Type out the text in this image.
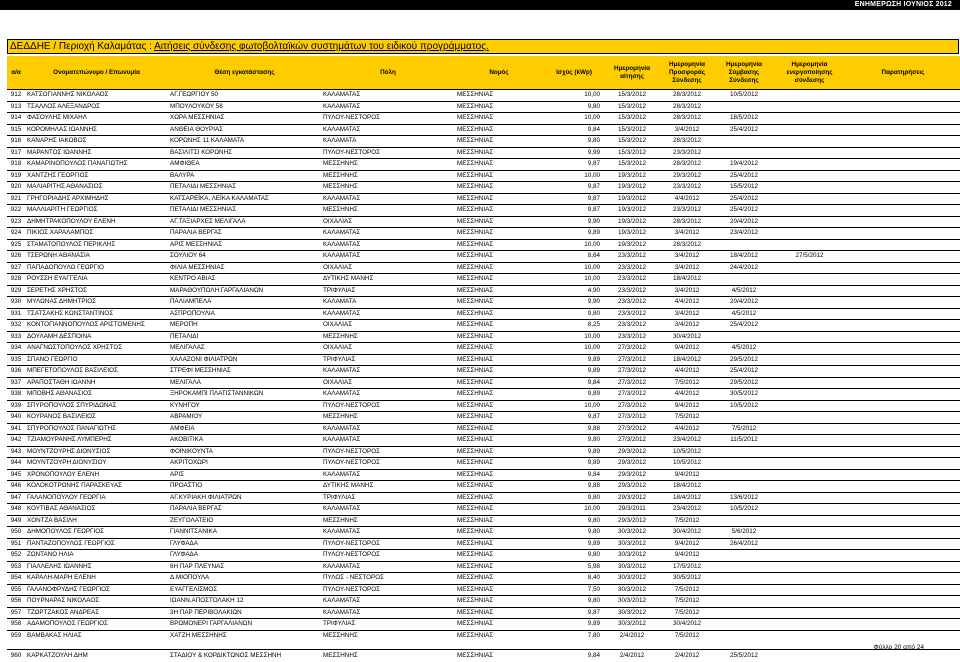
ΕΝΗΜΕΡΩΣΗ ΙΟΥΝΙΟΣ 2012
ΔΕΔΔΗΕ / Περιοχή Καλαμάτας : Αιτήσεις σύνδεσης φωτοβολταϊκών συστημάτων του ειδικού προγράμματος.
α/α	Ονοματεπώνυμο / Επωνυμία	Θέση εγκατάστασης	Πόλη	Νομός	Ισχύς (kWp)	Ημερομηνία αίτησης	Ημερομηνία Προσφοράς Σύνδεσης	Ημερομηνία Σύμβασης Σύνδεσης	Ημερομηνία ενεργοποίησης σύνδεσης	Παρατηρήσεις
912	ΚΑΤΣΟΓΙΑΝΝΗΣ ΝΙΚΟΛΑΟΣ	ΑΓ.ΓΕΩΡΓΙΟΥ 50	ΚΑΛΑΜΑΤΑΣ	ΜΕΣΣΗΝΙΑΣ	10,00	15/3/2012	28/3/2012	10/5/2012		
913	ΤΣΑΛΛΟΣ ΑΛΕΞΑΝΔΡΟΣ	ΜΠΟΥΛΟΥΚΟΥ 58	ΚΑΛΑΜΑΤΑΣ	ΜΕΣΣΗΝΙΑΣ	9,80	15/3/2012	28/3/2012			
914	ΦΑΣΟΥΛΗΣ ΜΙΧΑΗΛ	ΧΩΡΑ ΜΕΣΣΗΝΙΑΣ	ΠΥΛΟΥ-ΝΕΣΤΟΡΟΣ	ΜΕΣΣΗΝΙΑΣ	10,00	15/3/2012	28/3/2012	18/5/2012		
915	ΚΟΡΟΜΗΛΑΣ ΙΩΑΝΝΗΣ	ΑΝΘΕΙΑ ΘΟΥΡΙΑΣ	ΚΑΛΑΜΑΤΑΣ	ΜΕΣΣΗΝΙΑΣ	9,84	15/3/2012	3/4/2012	25/4/2012		
916	ΚΑΝΑΡΗΣ ΙΑΚΩΒΟΣ	ΚΟΡΩΝΗΣ 11 ΚΑΛΑΜΑΤΑ	ΚΑΛΑΜΑΤΑ	ΜΕΣΣΗΝΙΑΣ	9,80	15/3/2012	28/3/2012			
917	ΜΑΡΑΝΤΟΣ ΙΩΑΝΝΗΣ	ΒΑΣΙΛΙΤΣΙ ΚΟΡΩΝΗΣ	ΠΥΛΟΥ-ΝΕΣΤΟΡΟΣ	ΜΕΣΣΗΝΙΑΣ	9,99	15/3/2012	23/3/2012			
918	ΚΑΜΑΡΙΝΟΠΟΥΛΟΣ ΠΑΝΑΓΙΩΤΗΣ	ΑΜΦΙΘΕΑ	ΜΕΣΣΗΝΗΣ	ΜΕΣΣΗΝΙΑΣ	9,87	15/3/2012	28/3/2012	19/4/2012		
919	ΧΑΝΤΖΗΣ ΓΕΩΡΓΙΟΣ	ΒΑΛΥΡΑ	ΜΕΣΣΗΝΗΣ	ΜΕΣΣΗΝΙΑΣ	10,00	19/3/2012	29/3/2012	25/4/2012		
920	ΜΑΛΙΑΡΙΤΗΣ ΑΘΑΝΑΣΙΟΣ	ΠΕΤΑΛΙΔΙ ΜΕΣΣΗΝΙΑΣ	ΜΕΣΣΗΝΗΣ	ΜΕΣΣΗΝΙΑΣ	9,87	19/3/2012	23/3/2012	15/5/2012		
921	ΓΡΗΓΟΡΙΑΔΗΣ ΑΡΧΙΜΗΔΗΣ	ΚΑΤΣΑΡΕΪΚΑ, ΛΕΪΚΑ ΚΑΛΑΜΑΤΑΣ	ΚΑΛΑΜΑΤΑΣ	ΜΕΣΣΗΝΙΑΣ	9,87	19/3/2012	4/4/2012	25/4/2012		
922	ΜΑΛΛΙΑΡΙΤΗ ΓΕΩΡΓΙΟΣ	ΠΕΤΑΛΙΔΙ ΜΕΣΣΗΝΙΑΣ	ΜΕΣΣΗΝΗΣ	ΜΕΣΣΗΝΙΑΣ	9,87	19/3/2012	23/3/2012	25/4/2012		
923	ΔΗΜΗΤΡΑΚΟΠΟΥΛΟΥ ΕΛΕΝΗ	ΑΓ.ΤΑΞΙΑΡΧΕΣ ΜΕΛΙΓΑΛΑ	ΟΙΧΑΛΙΑΣ	ΜΕΣΣΗΝΙΑΣ	9,90	19/3/2012	28/3/2012	20/4/2012		
924	ΠΙΚΙΟΣ ΧΑΡΑΛΑΜΠΟΣ	ΠΑΡΑΛΙΑ ΒΕΡΓΑΣ	ΚΑΛΑΜΑΤΑΣ	ΜΕΣΣΗΝΙΑΣ	9,89	19/3/2012	3/4/2012	23/4/2012		
925	ΣΤΑΜΑΤΟΠΟΥΛΟΣ ΠΕΡΙΚΛΗΣ	ΑΡΙΣ ΜΕΣΣΗΝΙΑΣ	ΚΑΛΑΜΑΤΑΣ	ΜΕΣΣΗΝΙΑΣ	10,00	19/3/2012	28/3/2012			
926	ΤΣΕΡΩΝΗ ΑΘΑΝΑΣΙΑ	ΣΟΥΛΙΟΥ 64	ΚΑΛΑΜΑΤΑΣ	ΜΕΣΣΗΝΙΑΣ	8,64	23/3/2012	3/4/2012	18/4/2012	27/5/2012	
927	ΠΑΠΑΔΟΠΟΥΛΟ ΓΕΩΡΓΙΟ	ΦΙΛΙΑ ΜΕΣΣΗΝΙΑΣ	ΟΙΧΑΛΙΑΣ	ΜΕΣΣΗΝΙΑΣ	10,00	23/3/2012	3/4/2012	24/4/2012		
928	ΡΟΥΣΣΗ ΕΥΑΓΓΕΛΙΑ	ΚΕΝΤΡΟ ΑΒΙΑΣ	ΔΥΤΙΚΗΣ ΜΑΝΗΣ	ΜΕΣΣΗΝΙΑΣ	10,00	23/3/2012	18/4/2012			
929	ΣΕΡΕΤΗΣ ΧΡΗΣΤΟΣ	ΜΑΡΑΘΟΥΠΟΛΗ ΓΑΡΓΑΛΙΑΝΩΝ	ΤΡΙΦΥΛΙΑΣ	ΜΕΣΣΗΝΙΑΣ	4,90	23/3/2012	3/4/2012	4/5/2012		
930	ΜΥΛΩΝΑΣ ΔΗΜΗΤΡΙΟΣ	ΠΑΛΙΑΜΠΕΛΑ	ΚΑΛΑΜΑΤΑ	ΜΕΣΣΗΝΙΑΣ	9,90	23/3/2012	4/4/2012	20/4/2012		
931	ΤΣΑΤΣΑΚΗΣ ΚΩΝΣΤΑΝΤΙΝΟΣ	ΑΣΠΡΟΠΟΥΛΙΑ	ΚΑΛΑΜΑΤΑΣ	ΜΕΣΣΗΝΙΑΣ	9,80	23/3/2012	3/4/2012	4/5/2012		
932	ΚΟΝΤΟΓΙΑΝΝΟΠΟΥΛΟΣ ΑΡΙΣΤΟΜΕΝΗΣ	ΜΕΡΟΠΗ	ΟΙΧΑΛΙΑΣ	ΜΕΣΣΗΝΙΑΣ	8,25	23/3/2012	3/4/2012	25/4/2012		
933	ΔΟΥΛΑΜΗ ΔΕΣΠΟΙΝΑ	ΠΕΤΑΛΙΔΙ	ΜΕΣΣΗΝΗΣ	ΜΕΣΣΗΝΙΑΣ	10,00	23/3/2012	30/4/2012			
934	ΑΝΑΓΝΩΣΤΟΠΟΥΛΟΣ ΧΡΗΣΤΟΣ	ΜΕΛΙΓΑΛΑΣ	ΟΙΧΑΛΙΑΣ	ΜΕΣΣΗΝΙΑΣ	10,00	27/3/2012	9/4/2012	4/5/2012		
935	ΣΠΑΝΟ ΓΕΩΡΓΙΟ	ΧΑΛΑΖΟΝΙ ΦΙΛΙΑΤΡΩΝ	ΤΡΙΦΥΛΙΑΣ	ΜΕΣΣΗΝΙΑΣ	9,89	27/3/2012	18/4/2012	29/5/2012		
936	ΜΠΕΓΕΤΟΠΟΥΛΟΣ ΒΑΣΙΛΕΙΟΣ	ΣΤΡΕΦΙ ΜΕΣΣΗΝΙΑΣ	ΚΑΛΑΜΑΤΑΣ	ΜΕΣΣΗΝΙΑΣ	9,89	27/3/2012	4/4/2012	25/4/2012		
937	ΑΡΑΠΟΣΤΑΘΗ ΙΩΑΝΝΗ	ΜΕΛΙΓΑΛΑ	ΟΙΧΑΛΙΑΣ	ΜΕΣΣΗΝΙΑΣ	9,84	27/3/2012	7/5/2012	29/5/2012		
938	ΜΠΟΒΗΣ ΑΘΑΝΑΣΙΟΣ	ΞΗΡΟΚΑΜΠΙ ΠΛΑΤΙΣΤΑΝΝΙΚΩΝ	ΚΑΛΑΜΑΤΑΣ	ΜΕΣΣΗΝΙΑΣ	9,89	27/3/2012	4/4/2012	30/5/2012		
939	ΣΠΥΡΟΠΟΥΛΟΣ ΣΠΥΡΙΔΩΝΑΣ	ΚΥΝΗΓΟΥ	ΠΥΛΟΥ-ΝΕΣΤΟΡΟΣ	ΜΕΣΣΗΝΙΑΣ	10,00	27/3/2012	9/4/2012	10/5/2012		
940	ΚΟΥΡΑΝΟΣ ΒΑΣΙΛΕΙΟΣ	ΑΒΡΑΜΙΟΥ	ΜΕΣΣΗΝΗΣ	ΜΕΣΣΗΝΙΑΣ	9,87	27/3/2012	7/5/2012			
941	ΣΠΥΡΟΠΟΥΛΟΣ ΠΑΝΑΓΙΩΤΗΣ	ΑΜΦΕΙΑ	ΚΑΛΑΜΑΤΑΣ	ΜΕΣΣΗΝΙΑΣ	9,88	27/3/2012	4/4/2012	7/5/2012		
942	ΤΖΙΑΜΟΥΡΑΝΗΣ ΛΥΜΠΕΡΗΣ	ΑΚΟΒΙΤΙΚΑ	ΚΑΛΑΜΑΤΑΣ	ΜΕΣΣΗΝΙΑΣ	9,80	27/3/2012	23/4/2012	11/5/2012		
943	ΜΟΥΝΤΖΟΥΡΗΣ ΔΙΟΝΥΣΙΟΣ	ΦΟΙΝΙΚΟΥΝΤΑ	ΠΥΛΟΥ-ΝΕΣΤΟΡΟΣ	ΜΕΣΣΗΝΙΑΣ	9,89	29/3/2012	10/5/2012			
944	ΜΟΥΝΤΖΟΥΡΗ ΔΙΟΝΥΣΙΟΥ	ΑΚΡΙΤΟΧΩΡΙ	ΠΥΛΟΥ-ΝΕΣΤΟΡΟΣ	ΜΕΣΣΗΝΙΑΣ	9,89	29/3/2012	10/5/2012			
945	ΧΡΟΝΟΠΟΥΛΟΥ ΕΛΕΝΗ	ΑΡΙΣ	ΚΑΛΑΜΑΤΑΣ	ΜΕΣΣΗΝΙΑΣ	9,84	29/3/2012	9/4/2012			
946	ΚΟΛΟΚΟΤΡΩΝΗΣ ΠΑΡΑΣΚΕΥΑΣ	ΠΡΟΑΣΤΙΟ	ΔΥΤΙΚΗΣ ΜΑΝΗΣ	ΜΕΣΣΗΝΙΑΣ	9,88	29/3/2012	18/4/2012			
947	ΓΑΛΑΝΟΠΟΥΛΟΥ ΓΕΩΡΓΙΑ	ΑΓ.ΚΥΡΙΑΚΗ ΦΙΛΙΑΤΡΩΝ	ΤΡΙΦΥΛΙΑΣ	ΜΕΣΣΗΝΙΑΣ	9,80	29/3/2012	18/4/2012	13/6/2012		
948	ΚΟΥΤΙΒΑΣ ΑΘΑΝΑΣΙΟΣ	ΠΑΡΑΛΙΑ ΒΕΡΓΑΣ	ΚΑΛΑΜΑΤΑΣ	ΜΕΣΣΗΝΙΑΣ	10,00	29/3/2011	23/4/2012	10/5/2012		
949	ΧΟΝΤΖΑ ΒΑΣΙΛΗ	ΖΕΥΓΟΛΑΤΕΙΟ	ΜΕΣΣΗΝΗΣ	ΜΕΣΣΗΝΙΑΣ	9,80	29/3/2012	7/5/2012			
950	ΔΗΜΟΠΟΥΛΟΣ ΓΕΩΡΓΙΟΣ	ΓΙΑΝΝΙΤΣΑΝΙΚΑ	ΚΑΛΑΜΑΤΑΣ	ΜΕΣΣΗΝΙΑΣ	9,80	30/3/2012	30/4/2012	5/6/2012		
951	ΠΑΝΤΑΖΟΠΟΥΛΟΣ ΓΕΩΡΓΙΟΣ	ΓΛΥΦΑΔΑ	ΠΥΛΟΥ-ΝΕΣΤΟΡΟΣ	ΜΕΣΣΗΝΙΑΣ	9,89	30/3/2012	9/4/2012	26/4/2012		
952	ΖΩΝΤΑΝΟ ΗΛΙΑ	ΓΛΥΦΑΔΑ	ΠΥΛΟΥ-ΝΕΣΤΟΡΟΣ	ΜΕΣΣΗΝΙΑΣ	9,80	30/3/2012	9/4/2012			
953	ΓΙΑΛΛΕΛΗΣ ΙΩΑΝΝΗΣ	6Η ΠΑΡ ΠΛΕΥΝΑΣ	ΚΑΛΑΜΑΤΑΣ	ΜΕΣΣΗΝΙΑΣ	5,98	30/3/2012	17/5/2012			
954	ΚΑΡΑΛΗ-ΜΑΡΗ ΕΛΕΝΗ	Δ.ΜΙΟΠΟΥΛΑ	ΠΥΛΟΣ - ΝΕΣΤΟΡΟΣ	ΜΕΣΣΗΝΙΑΣ	8,40	30/3/2012	30/5/2012			
955	ΓΑΛΑΝΟΦΡΥΔΗΣ ΓΕΩΡΓΙΟΣ	ΕΥΑΓΓΕΛΙΣΜΟΣ	ΠΥΛΟΥ-ΝΕΣΤΟΡΟΣ	ΜΕΣΣΗΝΙΑΣ	7,50	30/3/2012	7/5/2012			
956	ΠΟΥΡΝΑΡΑΣ ΝΙΚΟΛΑΟΣ	ΙΩΑΝΝ.ΑΠΟΣΤΟΛΑΚΗ 12	ΚΑΛΑΜΑΤΑΣ	ΜΕΣΣΗΝΙΑΣ	9,80	30/3/2012	7/5/2012			
957	ΤΖΩΡΤΖΑΚΟΣ ΑΝΔΡΕΑΣ	3Η ΠΑΡ ΠΕΡΙΒΟΛΑΚΙΩΝ	ΚΑΛΑΜΑΤΑΣ	ΜΕΣΣΗΝΙΑΣ	9,87	30/3/2012	7/5/2012			
958	ΑΔΑΜΟΠΟΥΛΟΣ ΓΕΩΡΓΙΟΣ	ΒΡΩΜΟΝΕΡΙ ΓΑΡΓΑΛΙΑΝΩΝ	ΤΡΙΦΥΛΙΑΣ	ΜΕΣΣΗΝΙΑΣ	9,89	30/3/2012	30/4/2012			
959	ΒΑΜΒΑΚΑΣ ΗΛΙΑΣ	ΧΑΤΖΗ ΜΕΣΣΗΝΗΣ	ΜΕΣΣΗΝΗΣ	ΜΕΣΣΗΝΙΑΣ	7,80	2/4/2012	7/5/2012			

960	ΚΑΡΚΑΤΖΟΥΛΗ ΔΗΜ	ΣΤΑΔΙΟΥ & ΚΟΡΔΙΚΤΩΝΟΣ ΜΕΣΣΗΝΗ	ΜΕΣΣΗΝΗΣ	ΜΕΣΣΗΝΙΑΣ	9,84	2/4/2012	2/4/2012	25/5/2012		
Φύλλο 20 από 24
